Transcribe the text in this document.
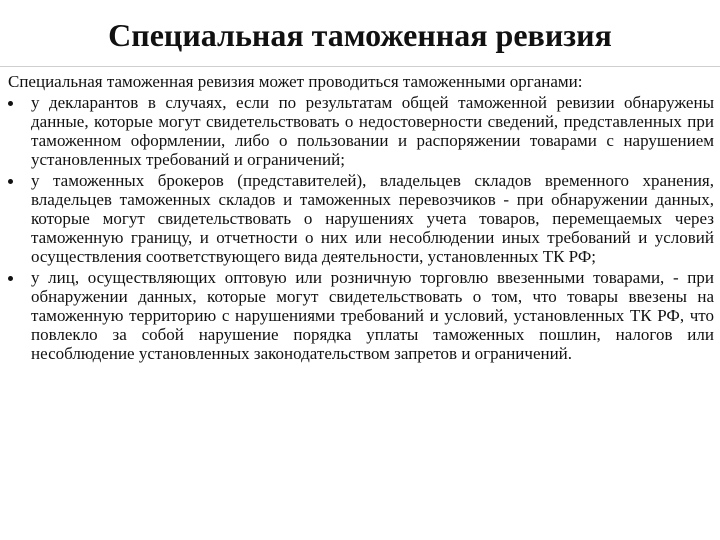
Специальная таможенная ревизия

Специальная таможенная ревизия может проводиться таможенными органами:

у декларантов в случаях, если по результатам общей таможенной ревизии обнаружены данные, которые могут свидетельствовать о недостоверности сведений, представленных при таможенном оформлении, либо о пользовании и распоряжении товарами с нарушением установленных требований и ограничений;
у таможенных брокеров (представителей), владельцев складов временного хранения, владельцев таможенных складов и таможенных перевозчиков - при обнаружении данных, которые могут свидетельствовать о нарушениях учета товаров, перемещаемых через таможенную границу, и отчетности о них или несоблюдении иных требований и условий осуществления соответствующего вида деятельности, установленных ТК РФ;
у лиц, осуществляющих оптовую или розничную торговлю ввезенными товарами, - при обнаружении данных, которые могут свидетельствовать о том, что товары ввезены на таможенную территорию с нарушениями требований и условий, установленных ТК РФ, что повлекло за собой нарушение порядка уплаты таможенных пошлин, налогов или несоблюдение установленных законодательством запретов и ограничений.
